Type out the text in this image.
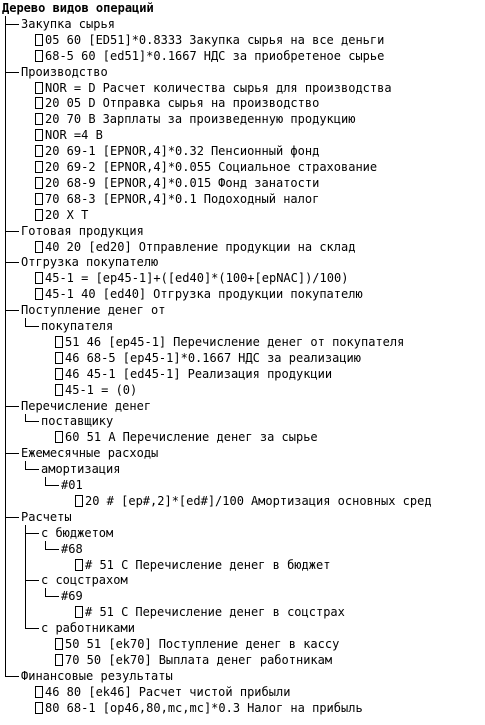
Дерево видов операций
Закупка сырья
05 60 [ED51]*0.8333 Закупка сырья на все деньги
68-5 60 [ed51]*0.1667 НДС за приобретеное сырье
Производство
NOR = D Расчет количества сырья для производства
20 05 D Отправка сырья на производство
20 70 B Зарплаты за произведенную продукцию
NOR =4 B
20 69-1 [EPNOR,4]*0.32 Пенсионный фонд
20 69-2 [EPNOR,4]*0.055 Социальное страхование
20 68-9 [EPNOR,4]*0.015 Фонд занатости
70 68-3 [EPNOR,4]*0.1 Подоходный налог
20 X T
Готовая продукция
40 20 [ed20] Отправление продукции на склад
Отгрузка покупателю
45-1 = [ep45-1]+([ed40]*(100+[epNAC])/100)
45-1 40 [ed40] Отгрузка продукции покупателю
Поступление денег от
покупателя
51 46 [ep45-1] Перечисление денег от покупателя
46 68-5 [ep45-1]*0.1667 НДС за реализацию
46 45-1 [ed45-1] Реализация продукции
45-1 = (0)
Перечисление денег
поставщику
60 51 A Перечисление денег за сырье
Ежемесячные расходы
амортизация
#01
20 # [ep#,2]*[ed#]/100 Амортизация основных сред
Расчеты
с бюджетом
#68
# 51 C Перечисление денег в бюджет
с соцстрахом
#69
# 51 C Перечисление денег в соцстрах
с работниками
50 51 [ek70] Поступление денег в кассу
70 50 [ek70] Выплата денег работникам
Финансовые результаты
46 80 [ek46] Расчет чистой прибыли
80 68-1 [op46,80,mc,mc]*0.3 Налог на прибыль
